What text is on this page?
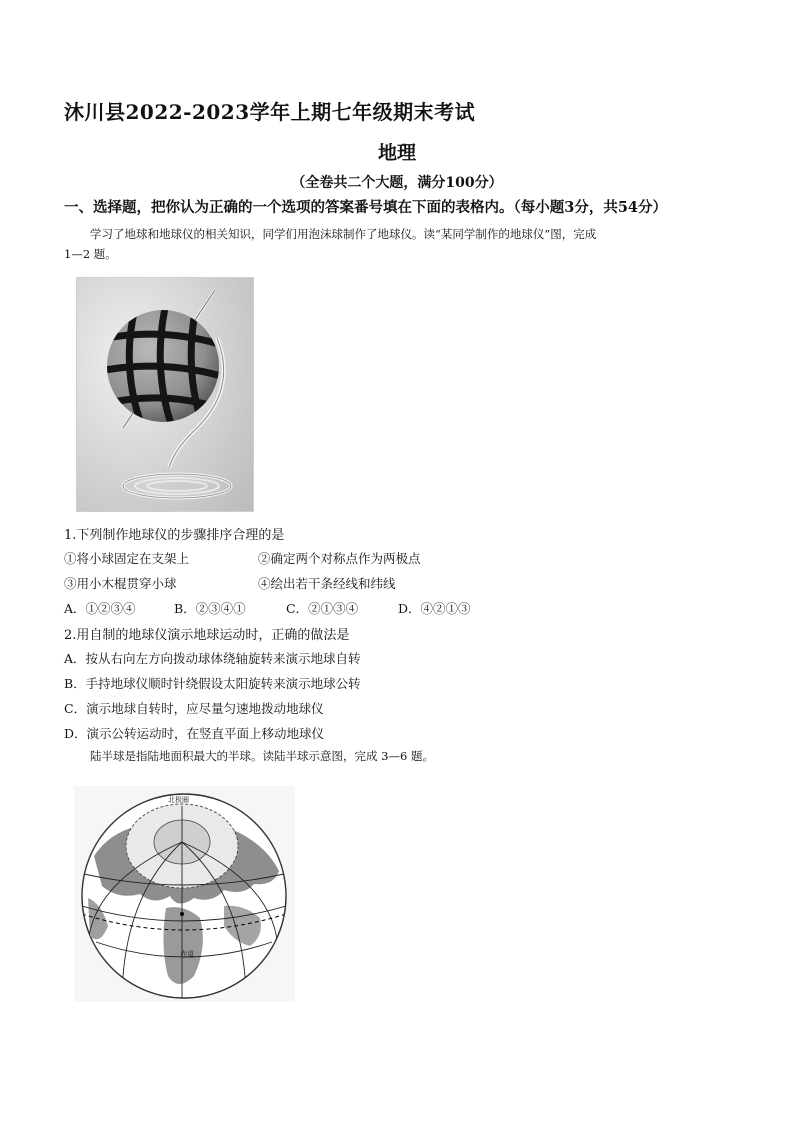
沐川县2022-2023学年上期七年级期末考试
地理
（全卷共二个大题，满分100分）
一、选择题，把你认为正确的一个选项的答案番号填在下面的表格内。（每小题3分，共54分）
学习了地球和地球仪的相关知识，同学们用泡沫球制作了地球仪。读“某同学制作的地球仪”图，完成
1—2 题。
1.下列制作地球仪的步骤排序合理的是
①将小球固定在支架上	②确定两个对称点作为两极点
③用小木棍贯穿小球	④绘出若干条经线和纬线
A．①②③④	B．②③④①	C．②①③④	D．④②①③
2.用自制的地球仪演示地球运动时，正确的做法是
A．按从右向左方向拨动球体绕轴旋转来演示地球自转
B．手持地球仪顺时针绕假设太阳旋转来演示地球公转
C．演示地球自转时，应尽量匀速地拨动地球仪
D．演示公转运动时，在竖直平面上移动地球仪
陆半球是指陆地面积最大的半球。读陆半球示意图，完成 3—6 题。
北极圈
赤道
